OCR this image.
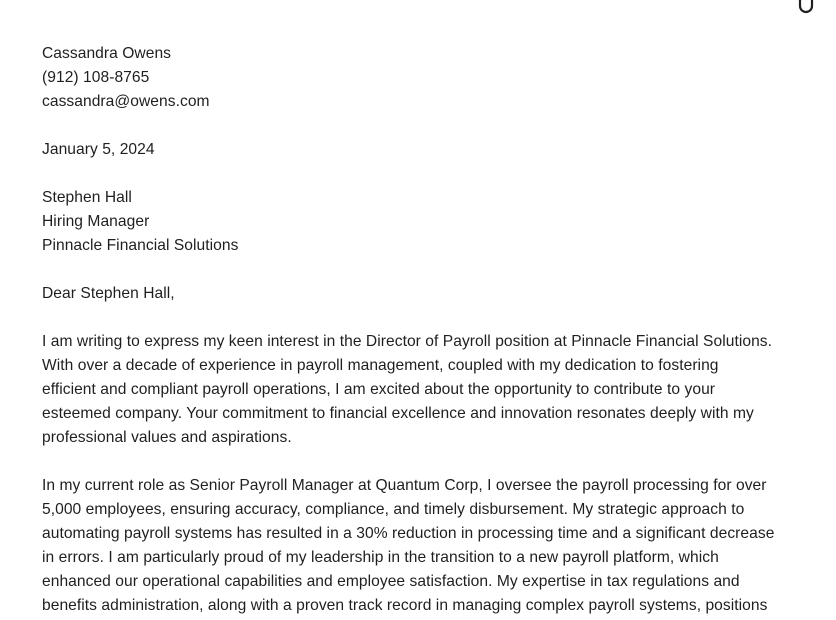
Cassandra Owens
(912) 108-8765
cassandra@owens.com
January 5, 2024
Stephen Hall
Hiring Manager
Pinnacle Financial Solutions
Dear Stephen Hall,
I am writing to express my keen interest in the Director of Payroll position at Pinnacle Financial Solutions.
With over a decade of experience in payroll management, coupled with my dedication to fostering
efficient and compliant payroll operations, I am excited about the opportunity to contribute to your
esteemed company. Your commitment to financial excellence and innovation resonates deeply with my
professional values and aspirations.
In my current role as Senior Payroll Manager at Quantum Corp, I oversee the payroll processing for over
5,000 employees, ensuring accuracy, compliance, and timely disbursement. My strategic approach to
automating payroll systems has resulted in a 30% reduction in processing time and a significant decrease
in errors. I am particularly proud of my leadership in the transition to a new payroll platform, which
enhanced our operational capabilities and employee satisfaction. My expertise in tax regulations and
benefits administration, along with a proven track record in managing complex payroll systems, positions
